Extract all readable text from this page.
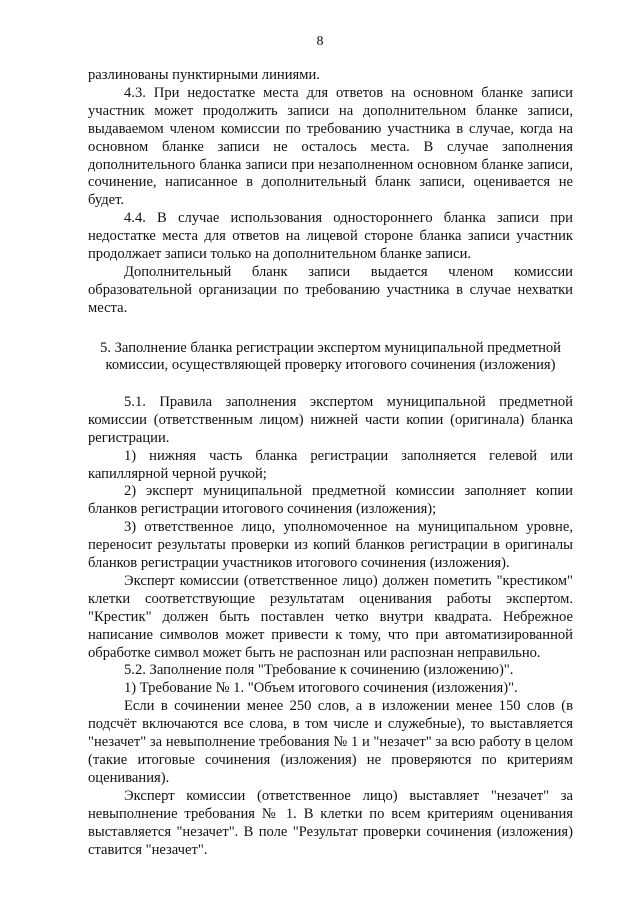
8

разлинованы пунктирными линиями.

4.3. При недостатке места для ответов на основном бланке записи участник может продолжить записи на дополнительном бланке записи, выдаваемом членом комиссии по требованию участника в случае, когда на основном бланке записи не осталось места. В случае заполнения дополнительного бланка записи при незаполненном основном бланке записи, сочинение, написанное в дополнительный бланк записи, оценивается не будет.

4.4. В случае использования одностороннего бланка записи при недостатке места для ответов на лицевой стороне бланка записи участник продолжает записи только на дополнительном бланке записи.

Дополнительный бланк записи выдается членом комиссии образовательной организации по требованию участника в случае нехватки места.

5. Заполнение бланка регистрации экспертом муниципальной предметной комиссии, осуществляющей проверку итогового сочинения (изложения)

5.1. Правила заполнения экспертом муниципальной предметной комиссии (ответственным лицом) нижней части копии (оригинала) бланка регистрации.

1) нижняя часть бланка регистрации заполняется гелевой или капиллярной черной ручкой;

2) эксперт муниципальной предметной комиссии заполняет копии бланков регистрации итогового сочинения (изложения);

3) ответственное лицо, уполномоченное на муниципальном уровне, переносит результаты проверки из копий бланков регистрации в оригиналы бланков регистрации участников итогового сочинения (изложения).

Эксперт комиссии (ответственное лицо) должен пометить "крестиком" клетки соответствующие результатам оценивания работы экспертом. "Крестик" должен быть поставлен четко внутри квадрата. Небрежное написание символов может привести к тому, что при автоматизированной обработке символ может быть не распознан или распознан неправильно.

5.2. Заполнение поля "Требование к сочинению (изложению)".

1) Требование № 1. "Объем итогового сочинения (изложения)".

Если в сочинении менее 250 слов, а в изложении менее 150 слов (в подсчёт включаются все слова, в том числе и служебные), то выставляется "незачет" за невыполнение требования № 1 и "незачет" за всю работу в целом (такие итоговые сочинения (изложения) не проверяются по критериям оценивания).

Эксперт комиссии (ответственное лицо) выставляет "незачет" за невыполнение требования № 1. В клетки по всем критериям оценивания выставляется "незачет". В поле "Результат проверки сочинения (изложения) ставится "незачет".
